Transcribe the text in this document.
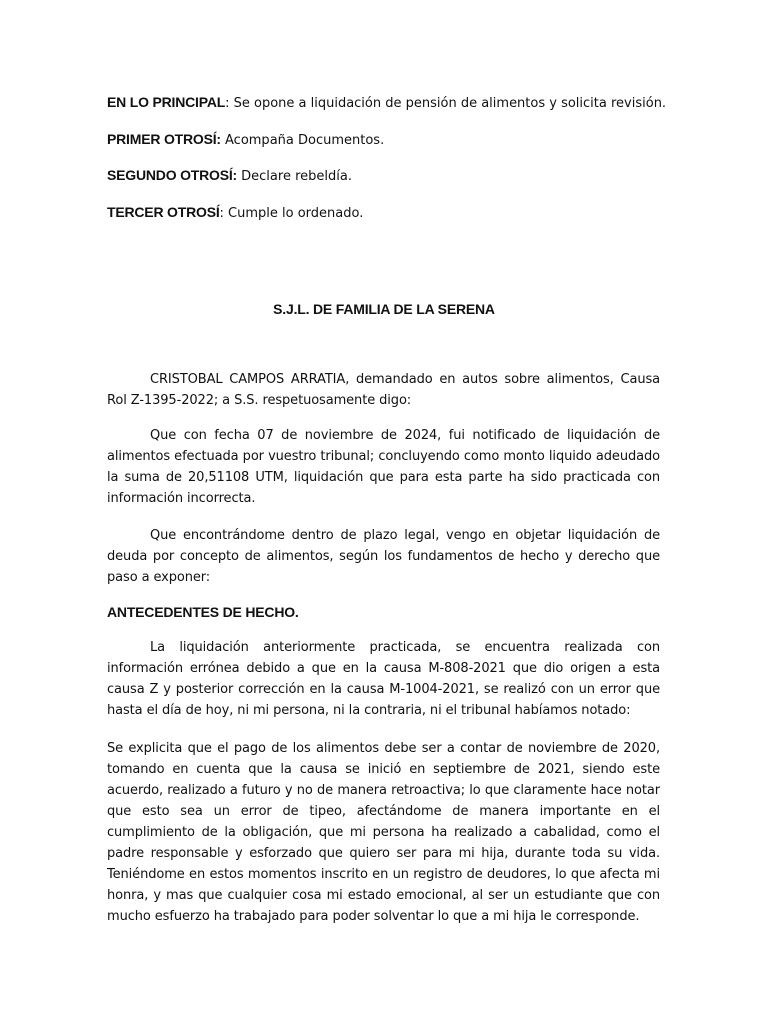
EN LO PRINCIPAL: Se opone a liquidación de pensión de alimentos y solicita revisión.
PRIMER OTROSÍ: Acompaña Documentos.
SEGUNDO OTROSÍ: Declare rebeldía.
TERCER OTROSÍ: Cumple lo ordenado.
S.J.L. DE FAMILIA DE LA SERENA

CRISTOBAL CAMPOS ARRATIA, demandado en autos sobre alimentos, Causa Rol Z-1395-2022; a S.S. respetuosamente digo:

Que con fecha 07 de noviembre de 2024, fui notificado de liquidación de alimentos efectuada por vuestro tribunal; concluyendo como monto liquido adeudado la suma de 20,51108 UTM, liquidación que para esta parte ha sido practicada con información incorrecta.

Que encontrándome dentro de plazo legal, vengo en objetar liquidación de deuda por concepto de alimentos, según los fundamentos de hecho y derecho que paso a exponer:

ANTECEDENTES DE HECHO.

La liquidación anteriormente practicada, se encuentra realizada con información errónea debido a que en la causa M-808-2021 que dio origen a esta causa Z y posterior corrección en la causa M-1004-2021, se realizó con un error que hasta el día de hoy, ni mi persona, ni la contraria, ni el tribunal habíamos notado:

Se explicita que el pago de los alimentos debe ser a contar de noviembre de 2020, tomando en cuenta que la causa se inició en septiembre de 2021, siendo este acuerdo, realizado a futuro y no de manera retroactiva; lo que claramente hace notar que esto sea un error de tipeo, afectándome de manera importante en el cumplimiento de la obligación, que mi persona ha realizado a cabalidad, como el padre responsable y esforzado que quiero ser para mi hija, durante toda su vida. Teniéndome en estos momentos inscrito en un registro de deudores, lo que afecta mi honra, y mas que cualquier cosa mi estado emocional, al ser un estudiante que con mucho esfuerzo ha trabajado para poder solventar lo que a mi hija le corresponde.
